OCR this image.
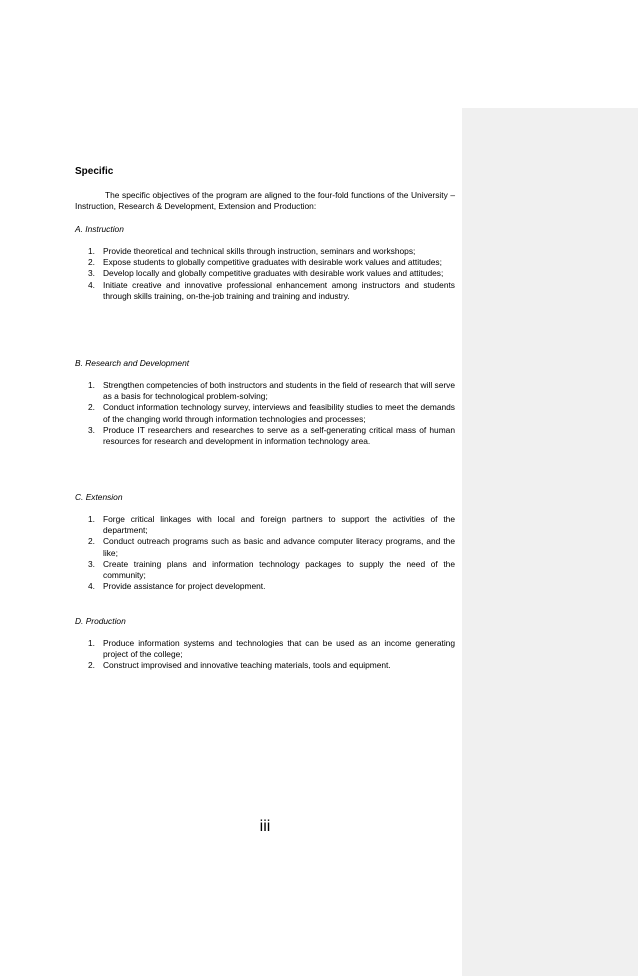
Specific
The specific objectives of the program are aligned to the four-fold functions of the University – Instruction, Research & Development, Extension and Production:
A. Instruction
1. Provide theoretical and technical skills through instruction, seminars and workshops;
2. Expose students to globally competitive graduates with desirable work values and attitudes;
3. Develop locally and globally competitive graduates with desirable work values and attitudes;
4. Initiate creative and innovative professional enhancement among instructors and students through skills training, on-the-job training and training and industry.
B. Research and Development
1. Strengthen competencies of both instructors and students in the field of research that will serve as a basis for technological problem-solving;
2. Conduct information technology survey, interviews and feasibility studies to meet the demands of the changing world through information technologies and processes;
3. Produce IT researchers and researches to serve as a self-generating critical mass of human resources for research and development in information technology area.
C. Extension
1. Forge critical linkages with local and foreign partners to support the activities of the department;
2. Conduct outreach programs such as basic and advance computer literacy programs, and the like;
3. Create training plans and information technology packages to supply the need of the community;
4. Provide assistance for project development.
D. Production
1. Produce information systems and technologies that can be used as an income generating project of the college;
2. Construct improvised and innovative teaching materials, tools and equipment.
iii
